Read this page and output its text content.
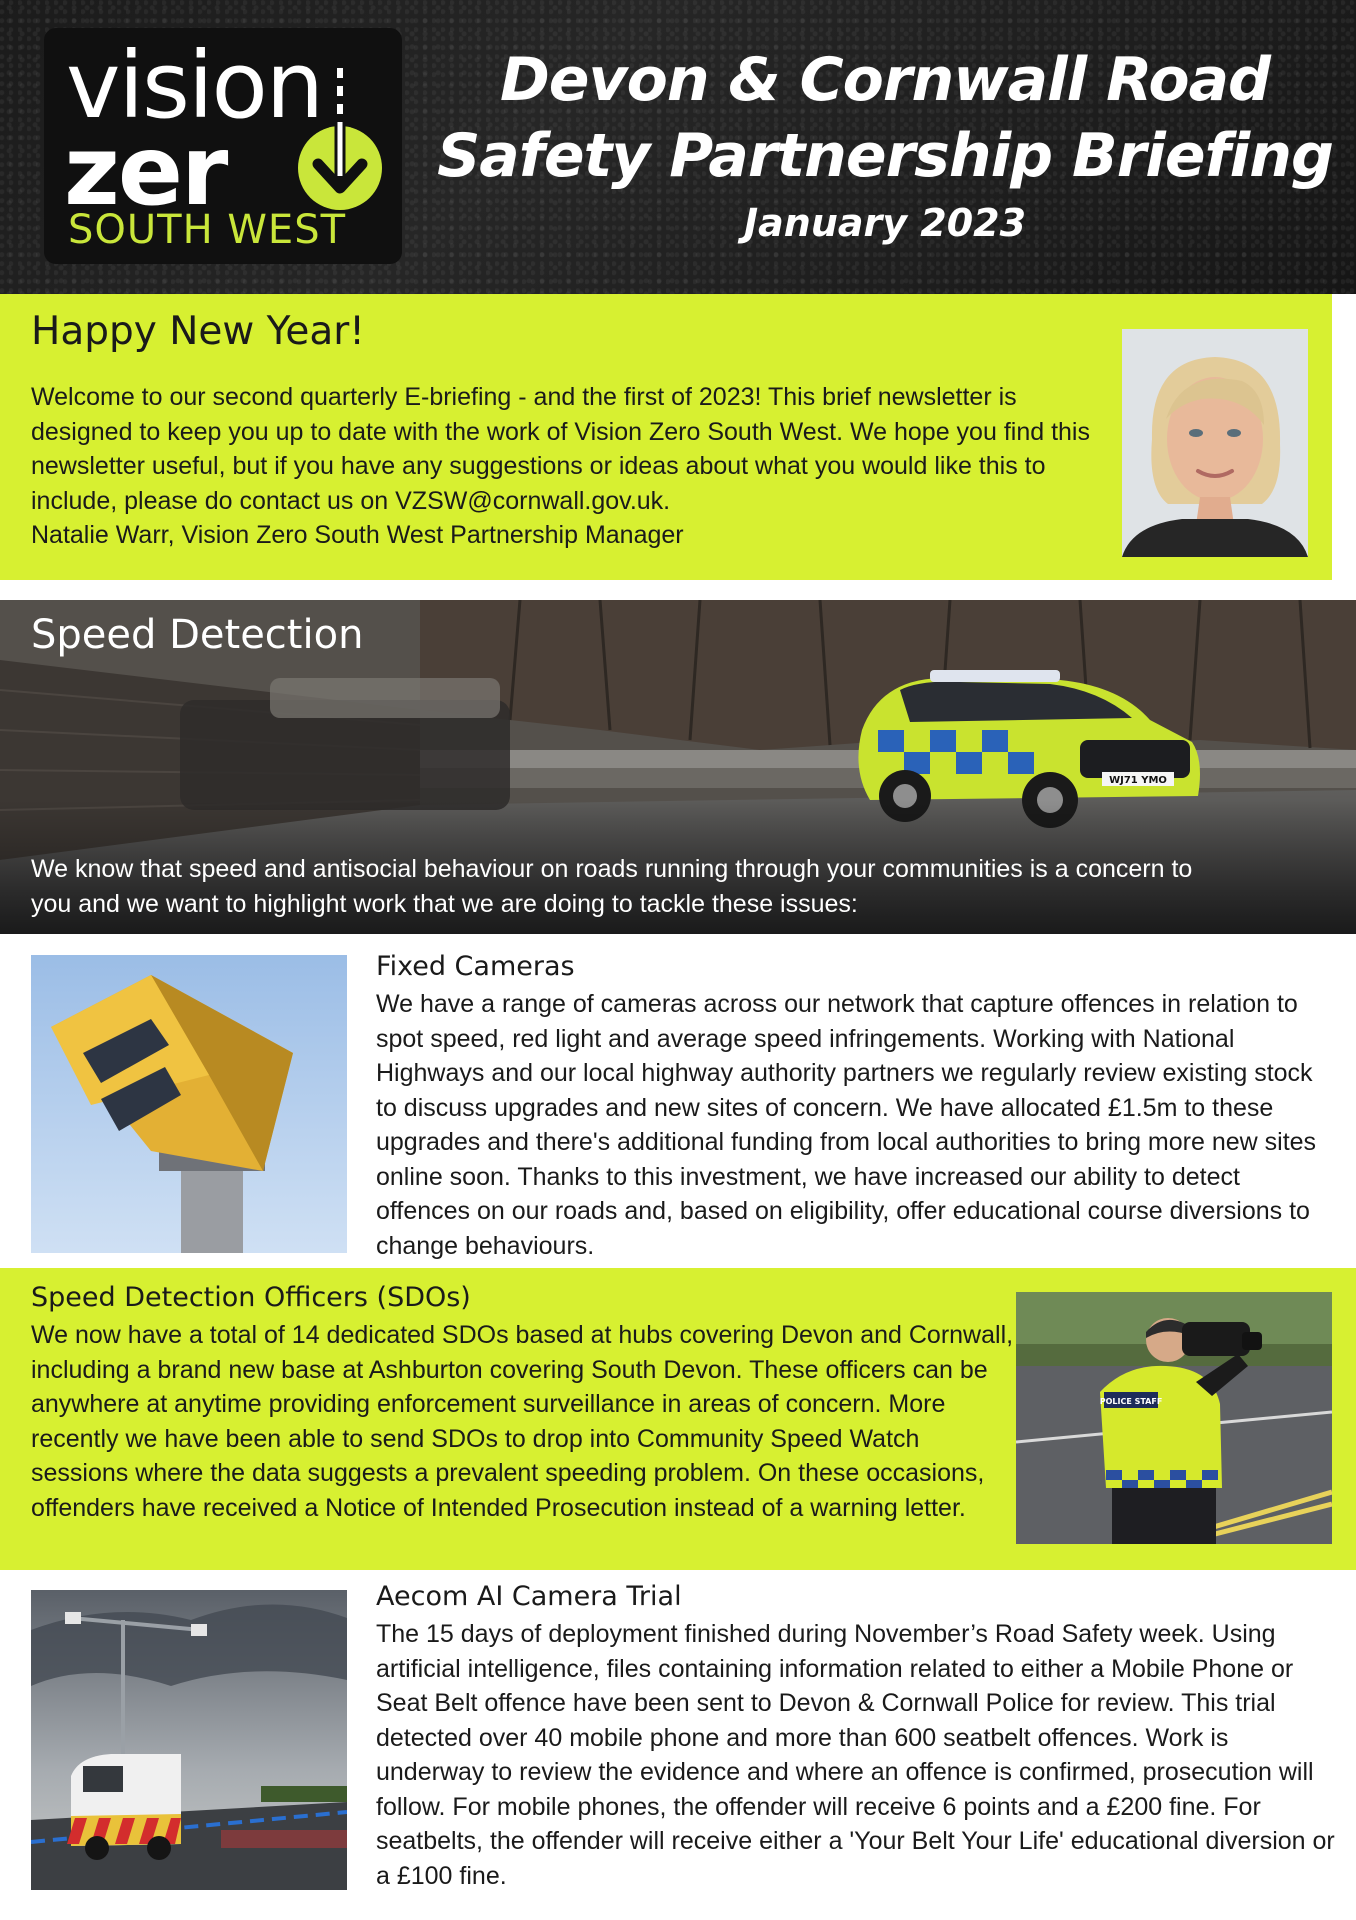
vision
zer
SOUTH WEST
Devon & Cornwall Road
Safety Partnership Briefing
January 2023
Happy New Year!
Welcome to our second quarterly E-briefing - and the first of 2023! This brief newsletter is designed to keep you up to date with the work of Vision Zero South West. We hope you find this newsletter useful, but if you have any suggestions or ideas about what you would like this to include, please do contact us on VZSW@cornwall.gov.uk.
Natalie Warr, Vision Zero South West Partnership Manager
WJ71 YMO
Speed Detection
We know that speed and antisocial behaviour on roads running through your communities is a concern to you and we want to highlight work that we are doing to tackle these issues:
Fixed Cameras
We have a range of cameras across our network that capture offences in relation to spot speed, red light and average speed infringements. Working with National Highways and our local highway authority partners we regularly review existing stock to discuss upgrades and new sites of concern. We have allocated £1.5m to these upgrades and there's additional funding from local authorities to bring more new sites online soon. Thanks to this investment, we have increased our ability to detect offences on our roads and, based on eligibility, offer educational course diversions to change behaviours.
Speed Detection Officers (SDOs)
We now have a total of 14 dedicated SDOs based at hubs covering Devon and Cornwall, including a brand new base at Ashburton covering South Devon. These officers can be anywhere at anytime providing enforcement surveillance in areas of concern. More recently we have been able to send SDOs to drop into Community Speed Watch sessions where the data suggests a prevalent speeding problem. On these occasions, offenders have received a Notice of Intended Prosecution instead of a warning letter.
POLICE STAFF
Aecom AI Camera Trial
The 15 days of deployment finished during November’s Road Safety week. Using artificial intelligence, files containing information related to either a Mobile Phone or Seat Belt offence have been sent to Devon & Cornwall Police for review. This trial detected over 40 mobile phone and more than 600 seatbelt offences. Work is underway to review the evidence and where an offence is confirmed, prosecution will follow. For mobile phones, the offender will receive 6 points and a £200 fine. For seatbelts, the offender will receive either a 'Your Belt Your Life' educational diversion or a £100 fine.
